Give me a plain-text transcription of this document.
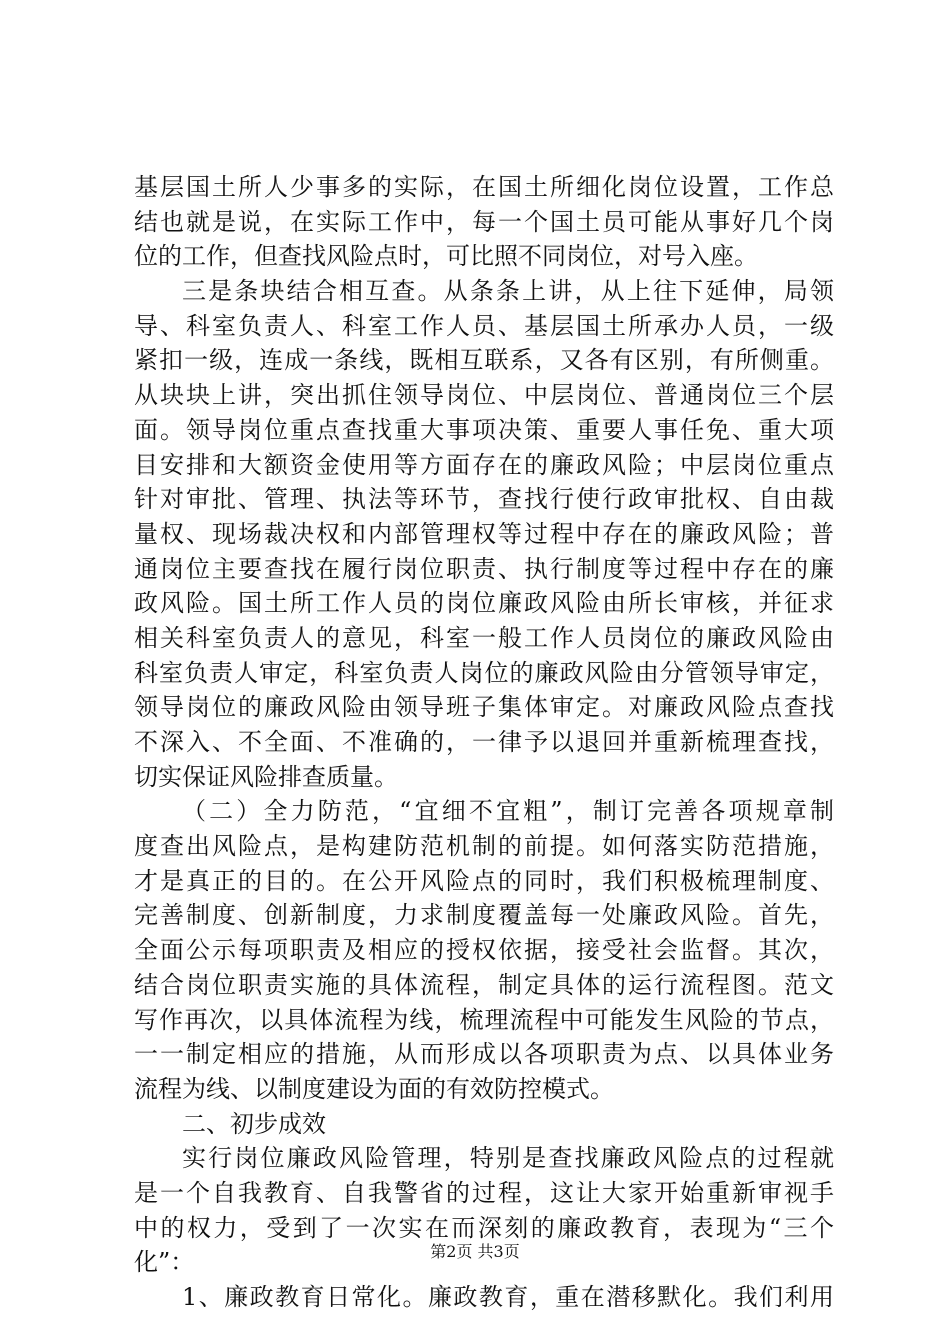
基层国土所人少事多的实际，在国土所细化岗位设置，工作总
结也就是说，在实际工作中，每一个国土员可能从事好几个岗
位的工作，但查找风险点时，可比照不同岗位，对号入座。
三是条块结合相互查。从条条上讲，从上往下延伸，局领
导、科室负责人、科室工作人员、基层国土所承办人员，一级
紧扣一级，连成一条线，既相互联系，又各有区别，有所侧重。
从块块上讲，突出抓住领导岗位、中层岗位、普通岗位三个层
面。领导岗位重点查找重大事项决策、重要人事任免、重大项
目安排和大额资金使用等方面存在的廉政风险；中层岗位重点
针对审批、管理、执法等环节，查找行使行政审批权、自由裁
量权、现场裁决权和内部管理权等过程中存在的廉政风险；普
通岗位主要查找在履行岗位职责、执行制度等过程中存在的廉
政风险。国土所工作人员的岗位廉政风险由所长审核，并征求
相关科室负责人的意见，科室一般工作人员岗位的廉政风险由
科室负责人审定，科室负责人岗位的廉政风险由分管领导审定，
领导岗位的廉政风险由领导班子集体审定。对廉政风险点查找
不深入、不全面、不准确的，一律予以退回并重新梳理查找，
切实保证风险排查质量。
（二）全力防范，“宜细不宜粗”，制订完善各项规章制
度查出风险点，是构建防范机制的前提。如何落实防范措施，
才是真正的目的。在公开风险点的同时，我们积极梳理制度、
完善制度、创新制度，力求制度覆盖每一处廉政风险。首先，
全面公示每项职责及相应的授权依据，接受社会监督。其次，
结合岗位职责实施的具体流程，制定具体的运行流程图。范文
写作再次，以具体流程为线，梳理流程中可能发生风险的节点，
一一制定相应的措施，从而形成以各项职责为点、以具体业务
流程为线、以制度建设为面的有效防控模式。
二、初步成效
实行岗位廉政风险管理，特别是查找廉政风险点的过程就
是一个自我教育、自我警省的过程，这让大家开始重新审视手
中的权力，受到了一次实在而深刻的廉政教育，表现为“三个
化”：
1、廉政教育日常化。廉政教育，重在潜移默化。我们利用
第2页 共3页
